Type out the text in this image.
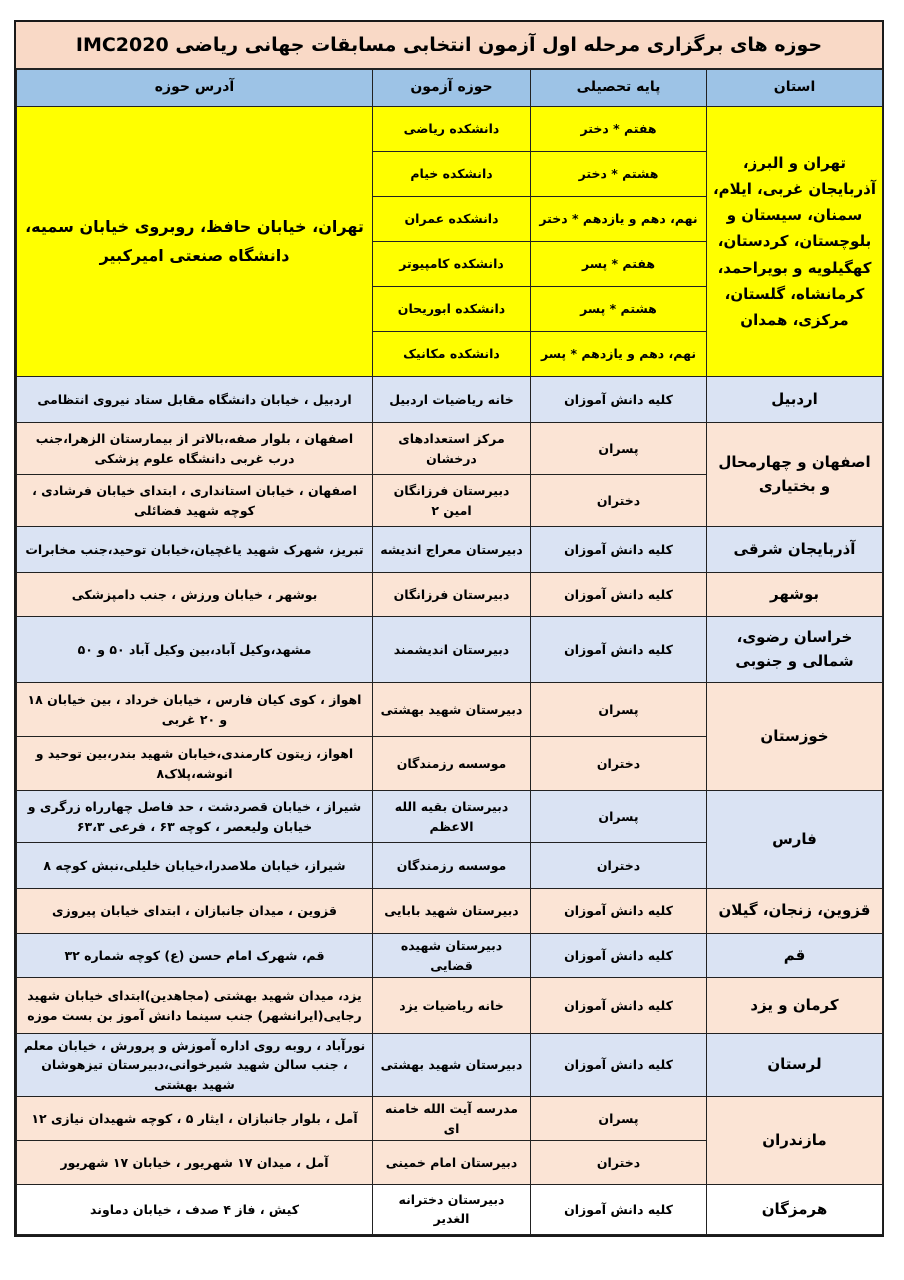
حوزه های برگزاری مرحله اول آزمون انتخابی مسابقات جهانی ریاضی IMC2020
استان	پایه تحصیلی	حوزه آزمون	آدرس حوزه
تهران و البرز، آذربایجان غربی، ایلام، سمنان، سیستان و بلوچستان، کردستان، کهگیلویه و بویراحمد، کرمانشاه، گلستان، مرکزی، همدان	هفتم * دختر	دانشکده ریاضی	تهران، خیابان حافظ، روبروی خیابان سمیه، دانشگاه صنعتی امیرکبیر
	هشتم * دختر	دانشکده خیام	
	نهم، دهم و یازدهم * دختر	دانشکده عمران	
	هفتم * پسر	دانشکده کامپیوتر	
	هشتم * پسر	دانشکده ابوریحان	
	نهم، دهم و یازدهم * پسر	دانشکده مکانیک	
اردبیل	کلیه دانش آموزان	خانه ریاضیات اردبیل	اردبیل ، خیابان دانشگاه مقابل ستاد نیروی انتظامی
اصفهان و چهارمحال و بختیاری	پسران	مرکز استعدادهای درخشان	اصفهان ، بلوار صفه،بالاتر از بیمارستان الزهرا،جنب درب غربی دانشگاه علوم پزشکی
	دختران	دبیرستان فرزانگان امین ۲	اصفهان ، خیابان استانداری ، ابتدای خیابان فرشادی ، کوچه شهید فضائلی
آذربایجان شرقی	کلیه دانش آموزان	دبیرستان معراج اندیشه	تبریز، شهرک شهید یاغچیان،خیابان توحید،جنب مخابرات
بوشهر	کلیه دانش آموزان	دبیرستان فرزانگان	بوشهر ، خیابان ورزش ، جنب دامپزشکی
خراسان رضوی، شمالی و جنوبی	کلیه دانش آموزان	دبیرستان اندیشمند	مشهد،وکیل آباد،بین وکیل آباد ۵۰ و ۵۰
خوزستان	پسران	دبیرستان شهید بهشتی	اهواز ، کوی کیان فارس ، خیابان خرداد ، بین خیابان ۱۸ و ۲۰ غربی
	دختران	موسسه رزمندگان	اهواز، زیتون کارمندی،خیابان شهید بندر،بین توحید و انوشه،پلاک۸
فارس	پسران	دبیرستان بقیه الله الاعظم	شیراز ، خیابان قصردشت ، حد فاصل چهارراه زرگری و خیابان ولیعصر ، کوچه ۶۳ ، فرعی ۶۳،۳
	دختران	موسسه رزمندگان	شیراز، خیابان ملاصدرا،خیابان خلیلی،نبش کوچه ۸
قزوین، زنجان، گیلان	کلیه دانش آموزان	دبیرستان شهید بابایی	قزوین ، میدان جانبازان ، ابتدای خیابان پیروزی
قم	کلیه دانش آموزان	دبیرستان شهیده قضایی	قم، شهرک امام حسن (ع) کوچه شماره ۳۲
کرمان و یزد	کلیه دانش آموزان	خانه ریاضیات یزد	یزد، میدان شهید بهشتی (مجاهدین)ابتدای خیابان شهید رجایی(ایرانشهر) جنب سینما دانش آموز بن بست موزه
لرستان	کلیه دانش آموزان	دبیرستان شهید بهشتی	نورآباد ، روبه روی اداره آموزش و پرورش ، خیابان معلم ، جنب سالن شهید شیرخوانی،دبیرستان تیزهوشان شهید بهشتی
مازندران	پسران	مدرسه آیت الله خامنه ای	آمل ، بلوار جانبازان ، ایثار ۵ ، کوچه شهیدان نیازی ۱۲
	دختران	دبیرستان امام خمینی	آمل ، میدان ۱۷ شهریور ، خیابان ۱۷ شهریور
هرمزگان	کلیه دانش آموزان	دبیرستان دخترانه الغدیر	کیش ، فاز ۴ صدف ، خیابان دماوند
